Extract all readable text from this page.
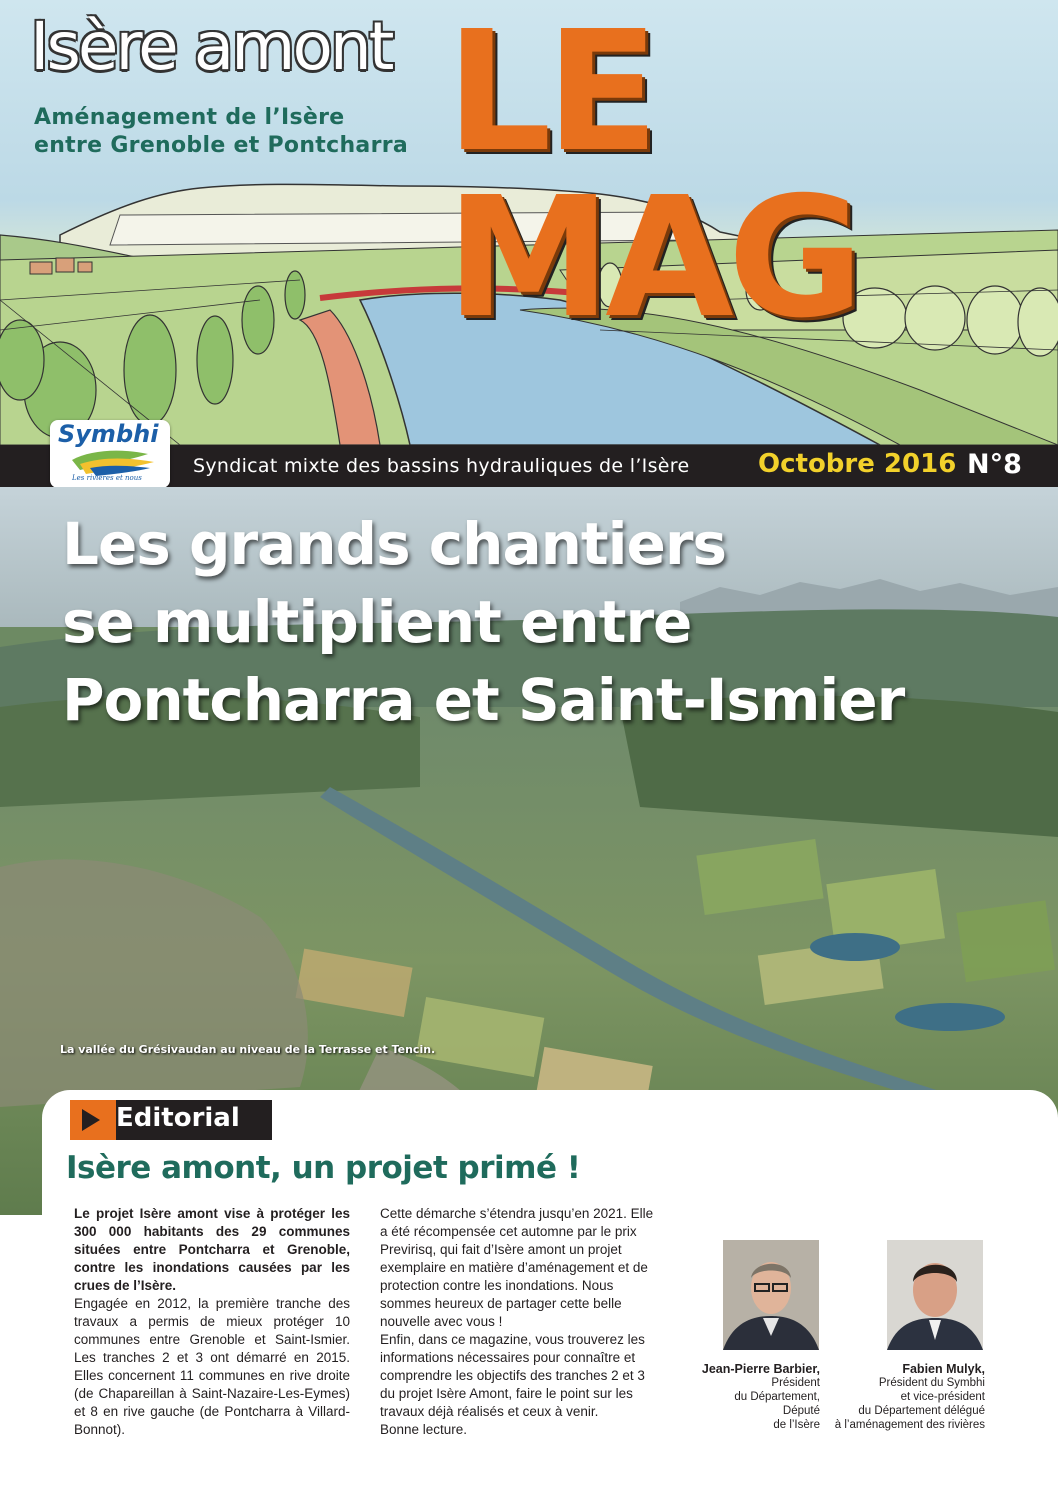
Isère amont
Aménagement de l’Isère
entre Grenoble et Pontcharra LE MAG
Syndicat mixte des bassins hydrauliques de l’Isère	Octobre 2016 N°8
Symbhi
Les rivières et nous
Les grands chantiers
se multiplient entre
Pontcharra et Saint-Ismier
La vallée du Grésivaudan au niveau de la Terrasse et Tencin.
Editorial
Isère amont, un projet primé !

Le projet Isère amont vise à protéger les 300 000 habitants des 29 communes situées entre Pontcharra et Grenoble, contre les inondations causées par les crues de l’Isère.

Engagée en 2012, la première tranche des travaux a permis de mieux protéger 10 communes entre Grenoble et Saint-Ismier. Les tranches 2 et 3 ont démarré en 2015. Elles concernent 11 communes en rive droite (de Chapareillan à Saint-Nazaire-Les-Eymes) et 8 en rive gauche (de Pontcharra à Villard-Bonnot).

Cette démarche s’étendra jusqu’en 2021. Elle a été récompensée cet automne par le prix Previrisq, qui fait d’Isère amont un projet exemplaire en matière d’aménagement et de protection contre les inondations. Nous sommes heureux de partager cette belle nouvelle avec vous !

Enfin, dans ce magazine, vous trouverez les informations nécessaires pour connaître et comprendre les objectifs des tranches 2 et 3 du projet Isère Amont, faire le point sur les travaux déjà réalisés et ceux à venir.

Bonne lecture.

Jean-Pierre Barbier,
Président
du Département,
Député
de l’Isère
Fabien Mulyk,
Président du Symbhi
et vice-président
du Département délégué
à l’aménagement des rivières
